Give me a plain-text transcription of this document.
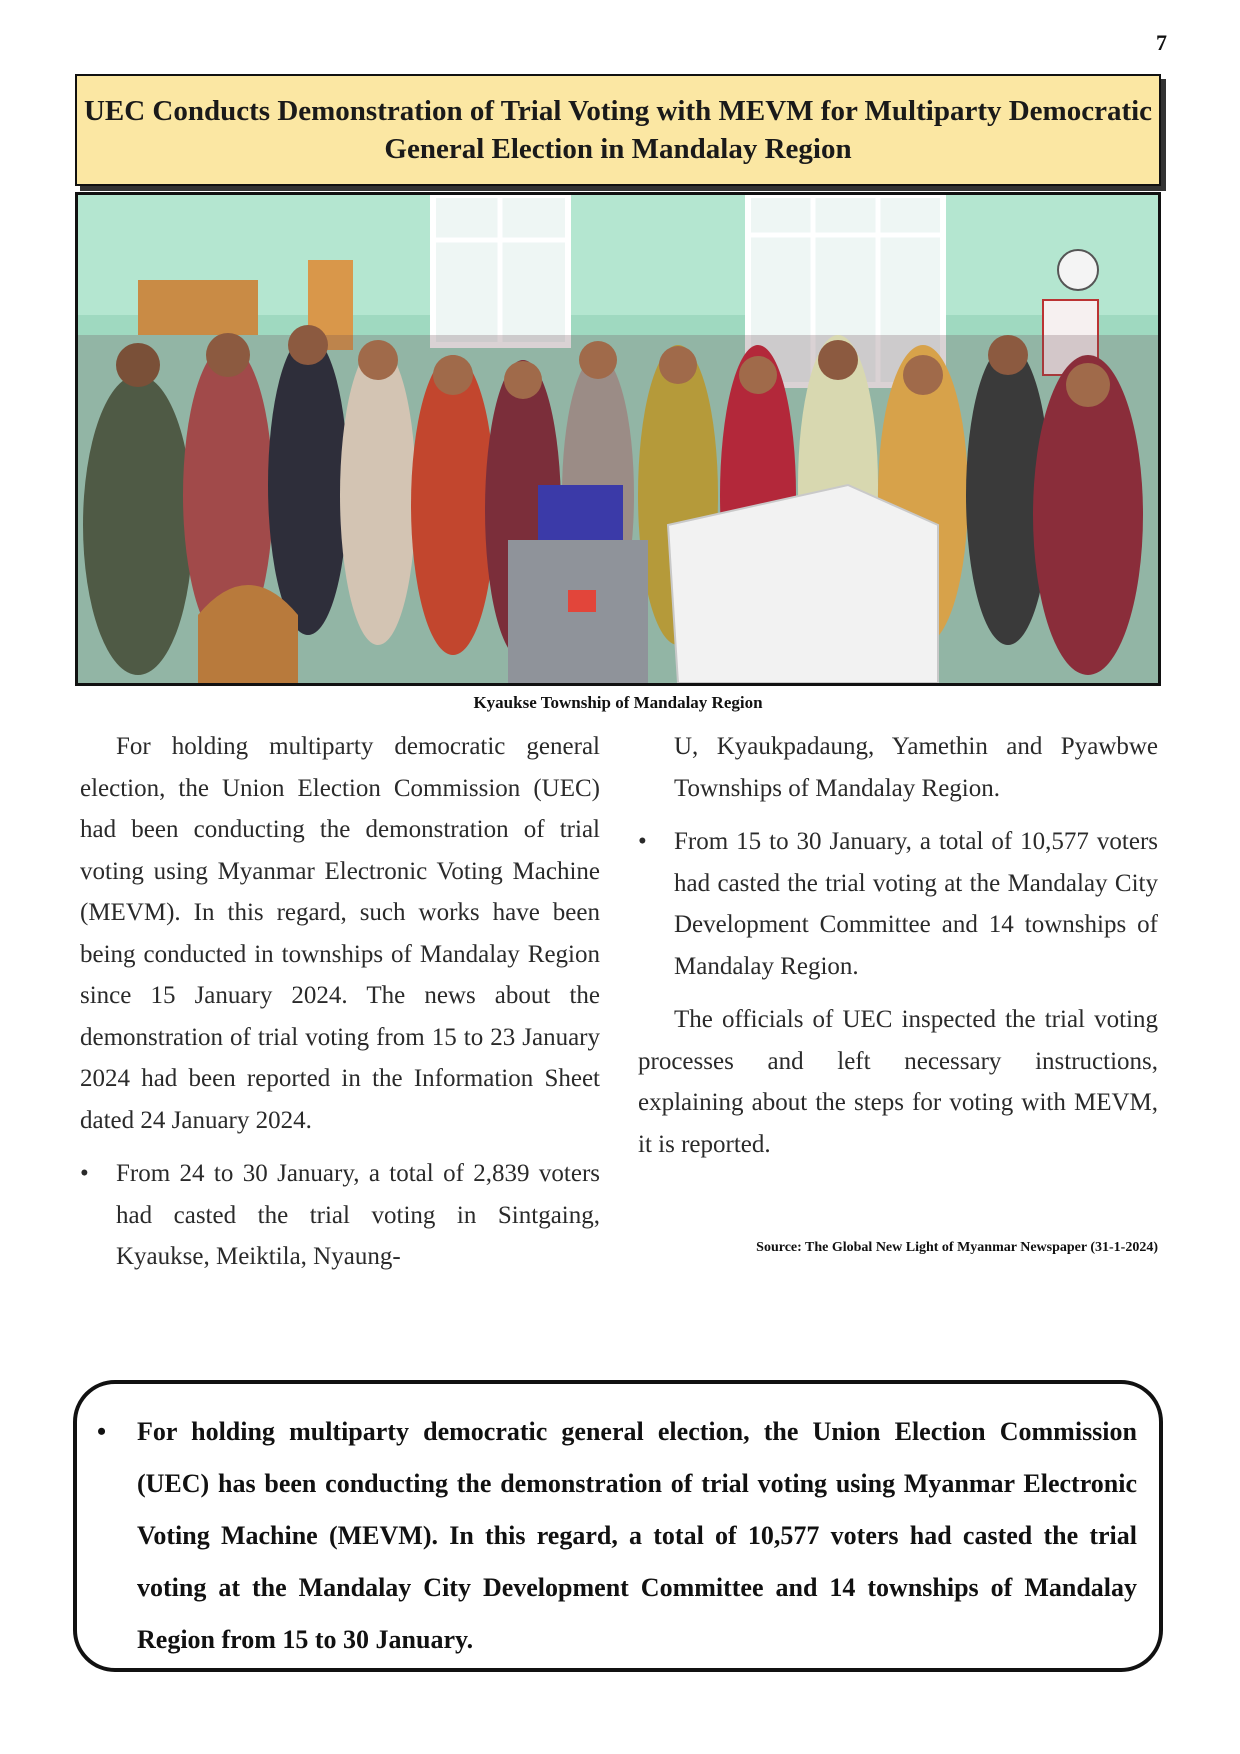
7
UEC Conducts Demonstration of Trial Voting with MEVM for Multiparty Democratic General Election in Mandalay Region
Kyaukse Township of Mandalay Region

For holding multiparty democratic general election, the Union Election Commission (UEC) had been conducting the demonstration of trial voting using Myanmar Electronic Voting Machine (MEVM). In this regard, such works have been being conducted in townships of Mandalay Region since 15 January 2024. The news about the demonstration of trial voting from 15 to 23 January 2024 had been reported in the Information Sheet dated 24 January 2024.

• From 24 to 30 January, a total of 2,839 voters had casted the trial voting in Sintgaing, Kyaukse, Meiktila, Nyaung-
U, Kyaukpadaung, Yamethin and Pyawbwe Townships of Mandalay Region.
• From 15 to 30 January, a total of 10,577 voters had casted the trial voting at the Mandalay City Development Committee and 14 townships of Mandalay Region.

The officials of UEC inspected the trial voting processes and left necessary instructions, explaining about the steps for voting with MEVM, it is reported.

Source: The Global New Light of Myanmar Newspaper (31-1-2024)
• For holding multiparty democratic general election, the Union Election Commission (UEC) has been conducting the demonstration of trial voting using Myanmar Electronic Voting Machine (MEVM). In this regard, a total of 10,577 voters had casted the trial voting at the Mandalay City Development Committee and 14 townships of Mandalay Region from 15 to 30 January.
